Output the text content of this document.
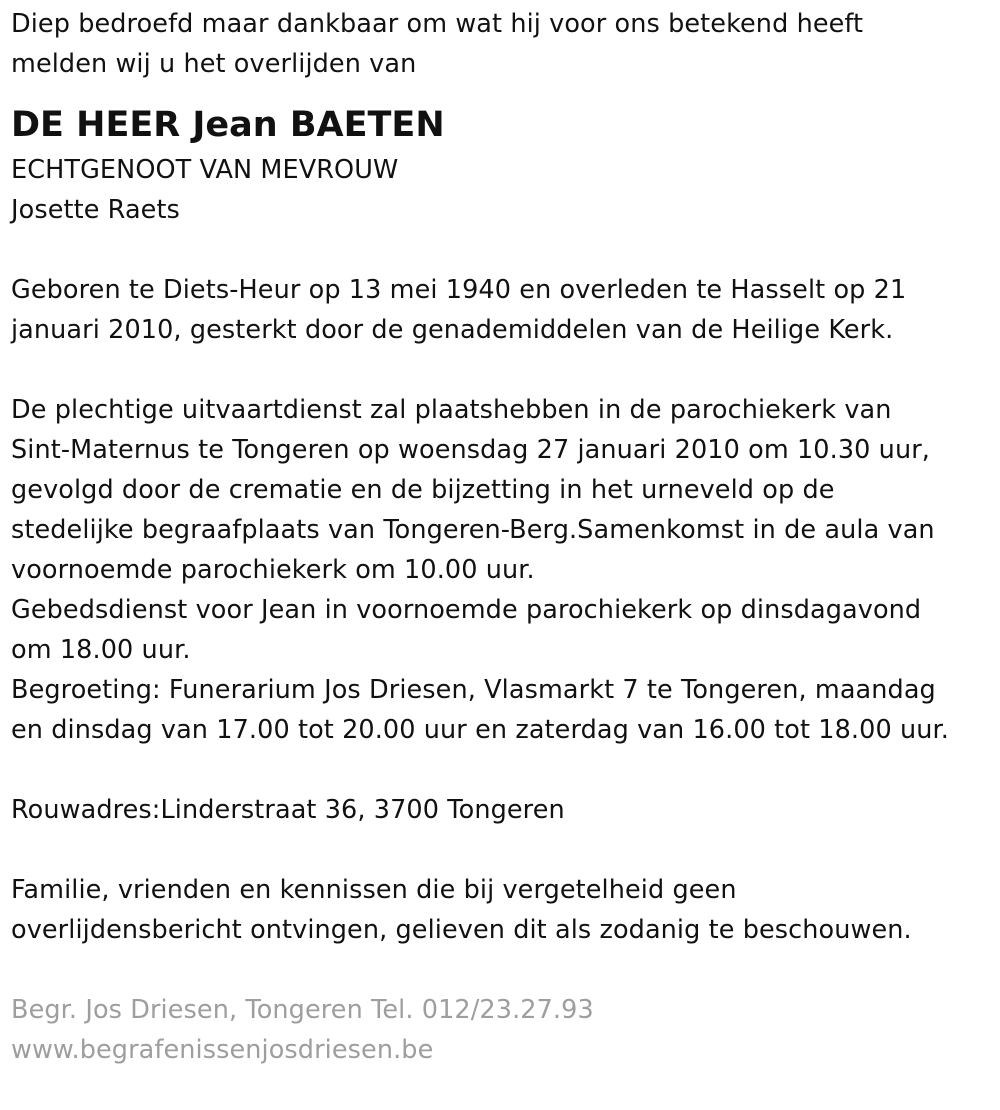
Diep bedroefd maar dankbaar om wat hij voor ons betekend heeft
melden wij u het overlijden van
DE HEER Jean BAETEN
ECHTGENOOT VAN MEVROUW
Josette Raets
Geboren te Diets-Heur op 13 mei 1940 en overleden te Hasselt op 21
januari 2010, gesterkt door de genademiddelen van de Heilige Kerk.
De plechtige uitvaartdienst zal plaatshebben in de parochiekerk van
Sint-Maternus te Tongeren op woensdag 27 januari 2010 om 10.30 uur,
gevolgd door de crematie en de bijzetting in het urneveld op de
stedelijke begraafplaats van Tongeren-Berg.Samenkomst in de aula van
voornoemde parochiekerk om 10.00 uur.
Gebedsdienst voor Jean in voornoemde parochiekerk op dinsdagavond
om 18.00 uur.
Begroeting: Funerarium Jos Driesen, Vlasmarkt 7 te Tongeren, maandag
en dinsdag van 17.00 tot 20.00 uur en zaterdag van 16.00 tot 18.00 uur.
Rouwadres:Linderstraat 36, 3700 Tongeren
Familie, vrienden en kennissen die bij vergetelheid geen
overlijdensbericht ontvingen, gelieven dit als zodanig te beschouwen.
Begr. Jos Driesen, Tongeren Tel. 012/23.27.93
www.begrafenissenjosdriesen.be
